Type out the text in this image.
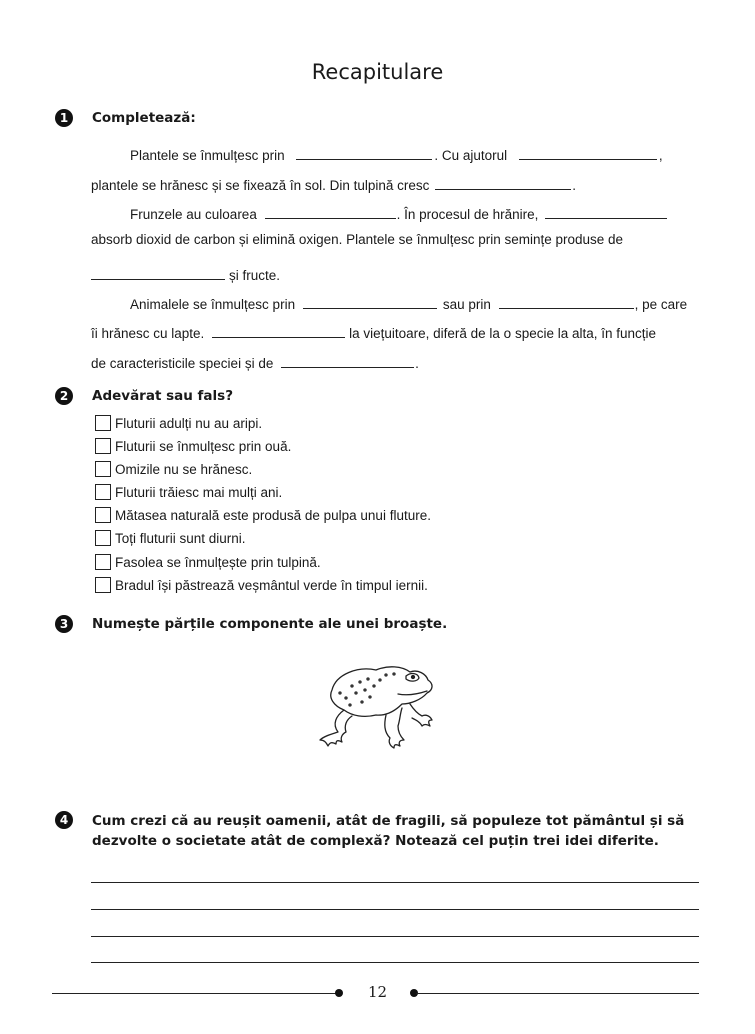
Recapitulare
1	Completează:
Plantele se înmulțesc prin	. Cu ajutorul	,
plantele se hrănesc și se fixează în sol. Din tulpină cresc	.
Frunzele au culoarea	. În procesul de hrănire,
absorb dioxid de carbon și elimină oxigen. Plantele se înmulțesc prin semințe produse de
și fructe.
Animalele se înmulțesc prin	sau prin	, pe care
îi hrănesc cu lapte.	la viețuitoare, diferă de la o specie la alta, în funcție
de caracteristicile speciei și de	.
2	Adevărat sau fals?
Fluturii adulți nu au aripi.
Fluturii se înmulțesc prin ouă.
Omizile nu se hrănesc.
Fluturii trăiesc mai mulți ani.
Mătasea naturală este produsă de pulpa unui fluture.
Toți fluturii sunt diurni.
Fasolea se înmulțește prin tulpină.
Bradul își păstrează veșmântul verde în timpul iernii.
3	Numește părțile componente ale unei broaște.
4	Cum crezi că au reușit oamenii, atât de fragili, să populeze tot pământul și să dezvolte o societate atât de complexă? Notează cel puțin trei idei diferite.
12
